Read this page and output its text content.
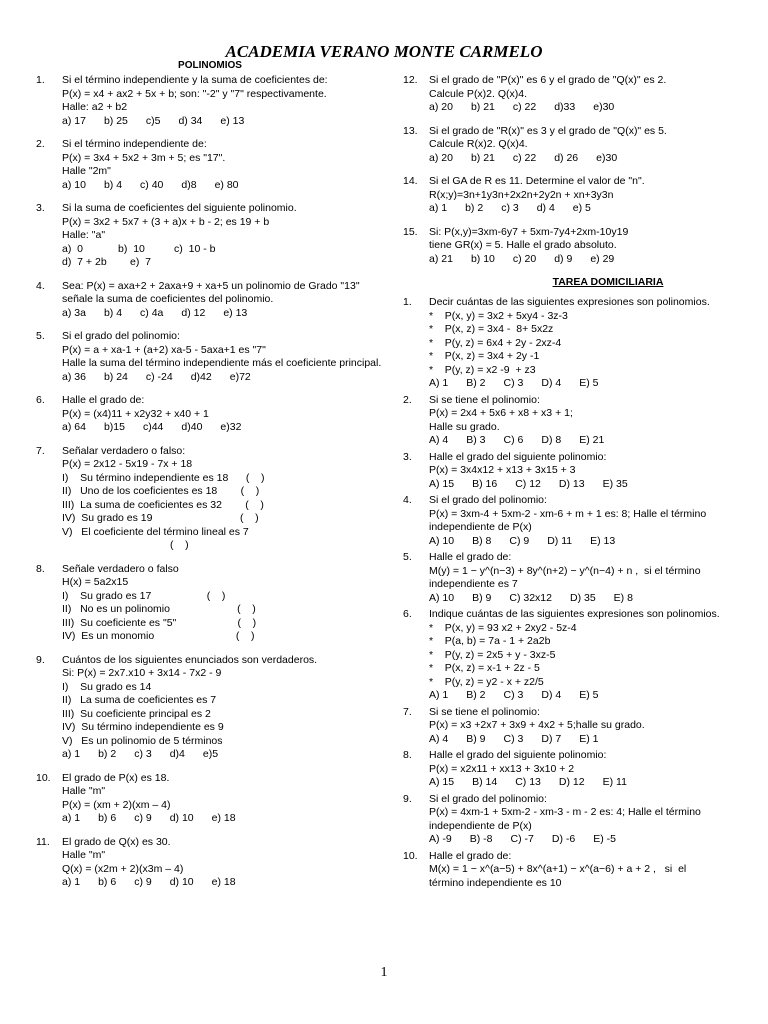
ACADEMIA VERANO MONTE CARMELO
POLINOMIOS
1.	Si el término independiente y la suma de coeficientes de:
P(x) = x4 + ax2 + 5x + b; son: "-2" y "7" respectivamente.
Halle: a2 + b2
a) 17 b) 25 c)5 d) 34 e) 13
2.	Si el término independiente de:
P(x) = 3x4 + 5x2 + 3m + 5; es "17".
Halle "2m"
a) 10 b) 4 c) 40 d)8 e) 80
3.	Si la suma de coeficientes del siguiente polinomio.
P(x) = 3x2 + 5x7 + (3 + a)x + b - 2; es 19 + b
Halle: "a"
a)  0            b)  10          c)  10 - b
d)  7 + 2b        e)  7
4.	Sea: P(x) = axa+2 + 2axa+9 + xa+5 un polinomio de Grado "13" señale la suma de coeficientes del polinomio.
a) 3a b) 4 c) 4a d) 12 e) 13
5.	Si el grado del polinomio:
P(x) = a + xa-1 + (a+2) xa-5 - 5axa+1 es "7"
Halle la suma del término independiente más el coeficiente principal.
a) 36 b) 24 c) -24 d)42 e)72
6.	Halle el grado de:
P(x) = (x4)11 + x2y32 + x40 + 1
a) 64 b)15 c)44 d)40 e)32
7.	Señalar verdadero o falso:
P(x) = 2x12 - 5x19 - 7x + 18
I)    Su término independiente es 18      (    )
II)   Uno de los coeficientes es 18        (    )
III)  La suma de coeficientes es 32        (    )
IV)  Su grado es 19                              (    )
V)   El coeficiente del término lineal es 7
(    )
8.	Señale verdadero o falso
H(x) = 5a2x15
I)    Su grado es 17                   (    )
II)   No es un polinomio                       (    )
III)  Su coeficiente es "5"                     (    )
IV)  Es un monomio                            (    )
9.	Cuántos de los siguientes enunciados son verdaderos.
Si: P(x) = 2x7.x10 + 3x14 - 7x2 - 9
I)    Su grado es 14
II)   La suma de coeficientes es 7
III)  Su coeficiente principal es 2
IV)  Su término independiente es 9
V)   Es un polinomio de 5 términos
a) 1 b) 2 c) 3 d)4 e)5
10.	El grado de P(x) es 18.
Halle "m"
P(x) = (xm + 2)(xm – 4)
a) 1 b) 6 c) 9 d) 10 e) 18
11.	El grado de Q(x) es 30.
Halle "m"
Q(x) = (x2m + 2)(x3m – 4)
a) 1 b) 6 c) 9 d) 10 e) 18
12.	Si el grado de "P(x)" es 6 y el grado de "Q(x)" es 2.
Calcule P(x)2. Q(x)4.
a) 20 b) 21 c) 22 d)33 e)30
13.	Si el grado de "R(x)" es 3 y el grado de "Q(x)" es 5.
Calcule R(x)2. Q(x)4.
a) 20 b) 21 c) 22 d) 26 e)30
14.	Si el GA de R es 11. Determine el valor de "n".
R(x;y)=3n+1y3n+2x2n+2y2n + xn+3y3n
a) 1 b) 2 c) 3 d) 4 e) 5
15.	Si: P(x,y)=3xm-6y7 + 5xm-7y4+2xm-10y19
tiene GR(x) = 5. Halle el grado absoluto.
a) 21 b) 10 c) 20 d) 9 e) 29
TAREA DOMICILIARIA
1.	Decir cuántas de las siguientes expresiones son polinomios.
*    P(x, y) = 3x2 + 5xy4 - 3z-3
*    P(x, z) = 3x4 -  8+ 5x2z
*    P(y, z) = 6x4 + 2y - 2xz-4
*    P(x, z) = 3x4 + 2y -1
*    P(y, z) = x2 -9  + z3
A) 1 B) 2 C) 3 D) 4 E) 5
2.	Si se tiene el polinomio:
P(x) = 2x4 + 5x6 + x8 + x3 + 1;
Halle su grado.
A) 4 B) 3 C) 6 D) 8 E) 21
3.	Halle el grado del siguiente polinomio:
P(x) = 3x4x12 + x13 + 3x15 + 3
A) 15 B) 16 C) 12 D) 13 E) 35
4.	Si el grado del polinomio:
P(x) = 3xm-4 + 5xm-2 - xm-6 + m + 1 es: 8; Halle el término independiente de P(x)
A) 10 B) 8 C) 9 D) 11 E) 13
5.	Halle el grado de:
M(y) = 1 − y^(n−3) + 8y^(n+2) − y^(n−4) + n ,  si el término
independiente es 7
A) 10 B) 9 C) 32x12 D) 35 E) 8
6.	Indique cuántas de las siguientes expresiones son polinomios.
*    P(x, y) = 93 x2 + 2xy2 - 5z-4
*    P(a, b) = 7a - 1 + 2a2b
*    P(y, z) = 2x5 + y - 3xz-5
*    P(x, z) = x-1 + 2z - 5
*    P(y, z) = y2 - x + z2/5
A) 1 B) 2 C) 3 D) 4 E) 5
7.	Si se tiene el polinomio:
P(x) = x3 +2x7 + 3x9 + 4x2 + 5;halle su grado.
A) 4 B) 9 C) 3 D) 7 E) 1
8.	Halle el grado del siguiente polinomio:
P(x) = x2x11 + xx13 + 3x10 + 2
A) 15 B) 14 C) 13 D) 12 E) 11
9.	Si el grado del polinomio:
P(x) = 4xm-1 + 5xm-2 - xm-3 - m - 2 es: 4; Halle el término independiente de P(x)
A) -9 B) -8 C) -7 D) -6 E) -5
10.	Halle el grado de:
M(x) = 1 − x^(a−5) + 8x^(a+1) − x^(a−6) + a + 2 ,   si  el
término independiente es 10
1
